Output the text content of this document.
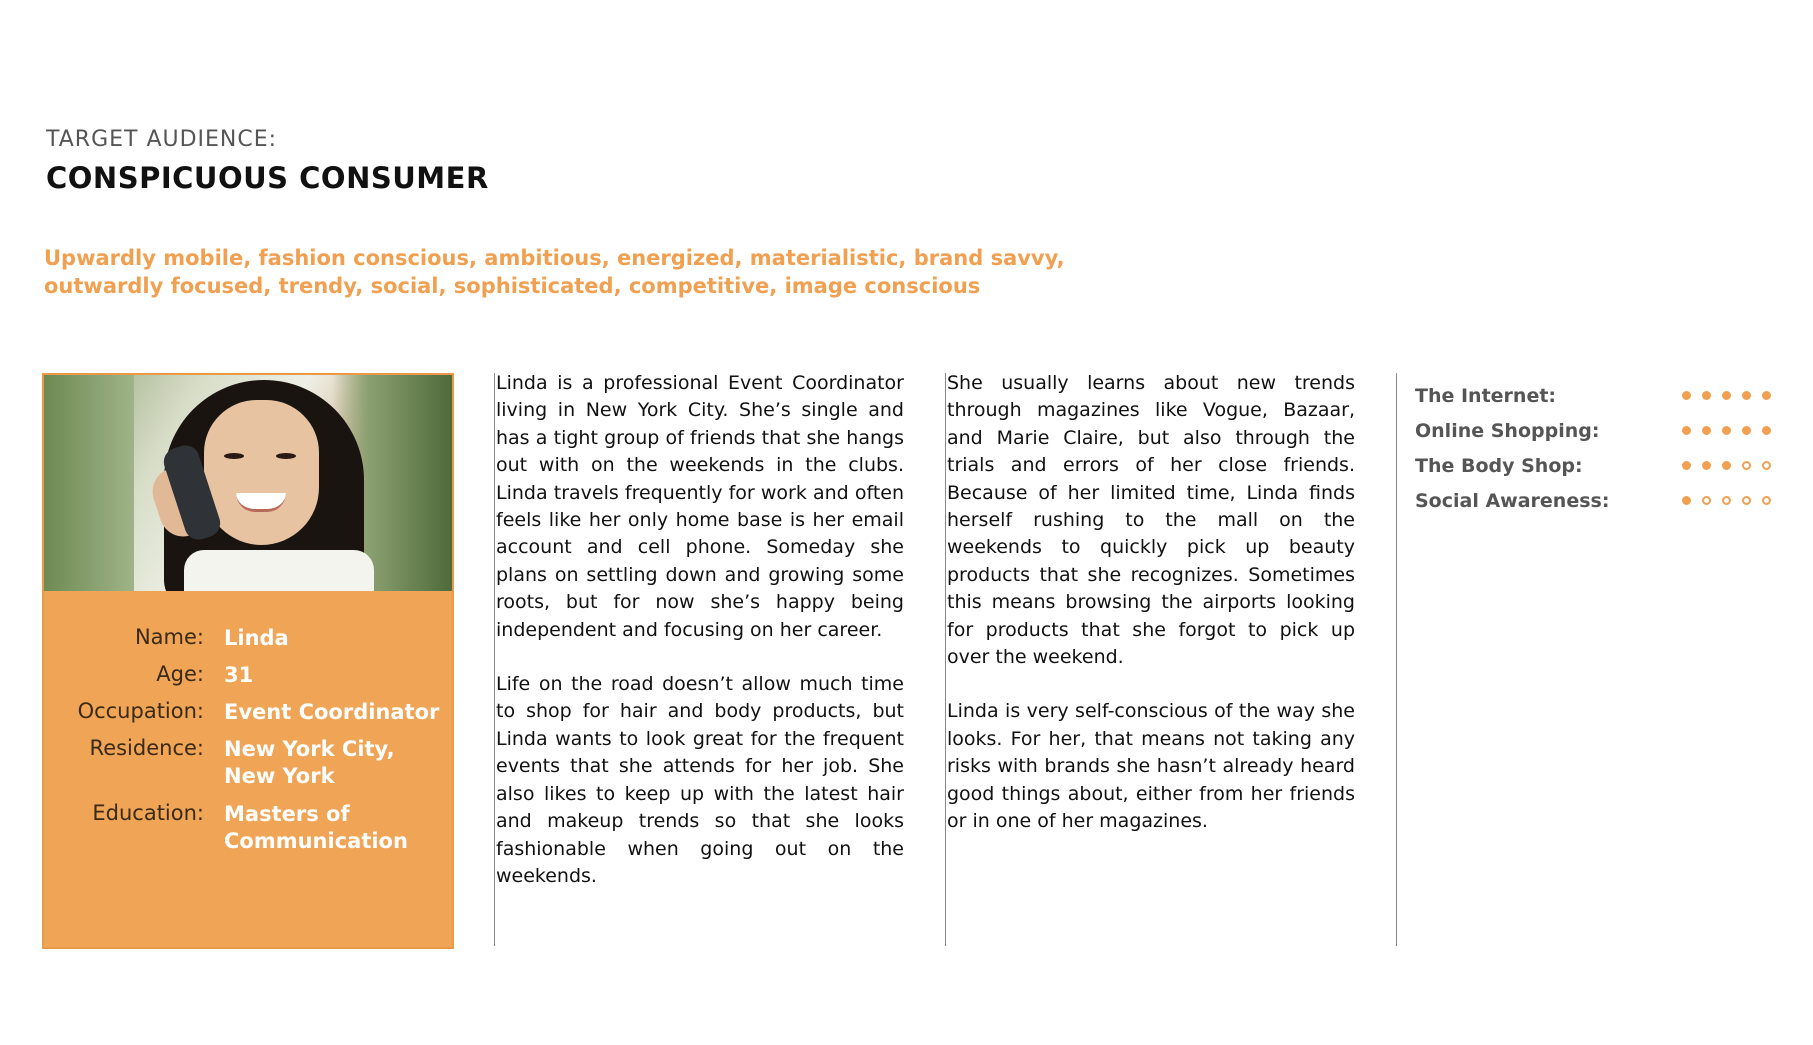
TARGET AUDIENCE:
CONSPICUOUS CONSUMER
Upwardly mobile, fashion conscious, ambitious, energized, materialistic, brand savvy,
outwardly focused, trendy, social, sophisticated, competitive, image conscious
Name: Linda
Age: 31
Occupation: Event Coordinator
Residence: New York City,
New York
Education: Masters of
Communication

Linda is a professional Event Coordinator living in New York City. She’s single and has a tight group of friends that she hangs out with on the weekends in the clubs. Linda travels frequently for work and often feels like her only home base is her email account and cell phone. Someday she plans on settling down and growing some roots, but for now she’s happy being independent and focusing on her career.

Life on the road doesn’t allow much time to shop for hair and body products, but Linda wants to look great for the frequent events that she attends for her job. She also likes to keep up with the latest hair and makeup trends so that she looks fashionable when going out on the weekends.

She usually learns about new trends through magazines like Vogue, Bazaar, and Marie Claire, but also through the trials and errors of her close friends. Because of her limited time, Linda finds herself rushing to the mall on the weekends to quickly pick up beauty products that she recognizes. Sometimes this means browsing the airports looking for products that she forgot to pick up over the weekend.

Linda is very self-conscious of the way she looks. For her, that means not taking any risks with brands she hasn’t already heard good things about, either from her friends or in one of her magazines.

The Internet:
Online Shopping:
The Body Shop:
Social Awareness:
